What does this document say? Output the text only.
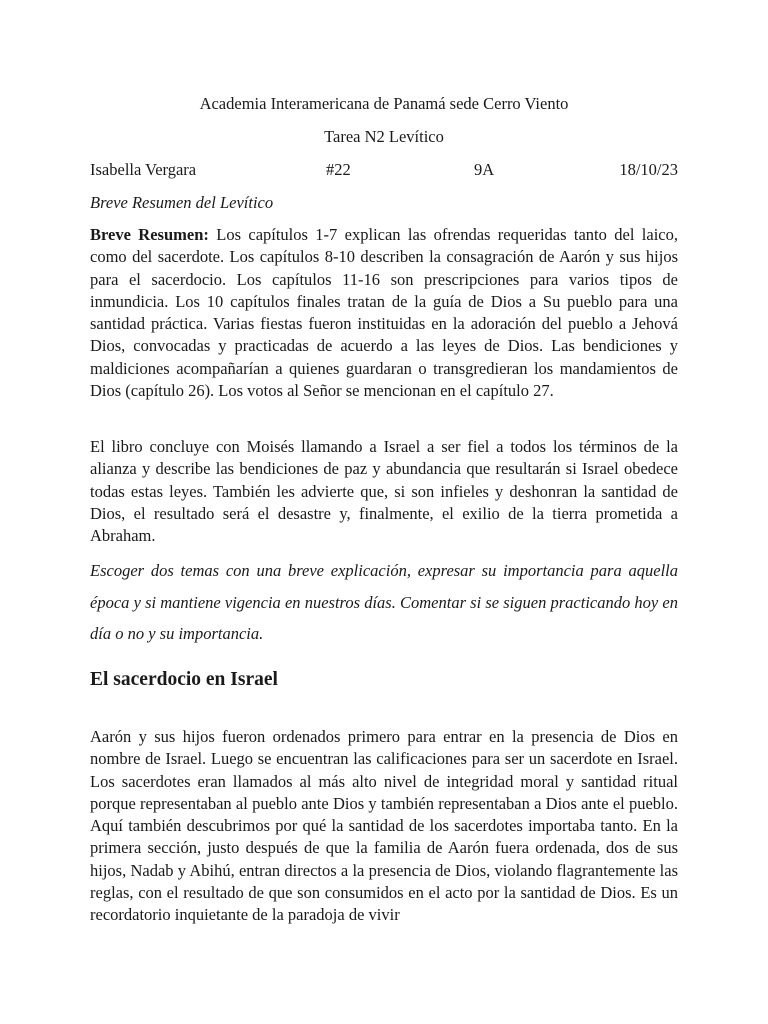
Academia Interamericana de Panamá sede Cerro Viento
Tarea N2 Levítico
Isabella Vergara	#22	9A	18/10/23
Breve Resumen del Levítico

Breve Resumen: Los capítulos 1-7 explican las ofrendas requeridas tanto del laico, como del sacerdote. Los capítulos 8-10 describen la consagración de Aarón y sus hijos para el sacerdocio. Los capítulos 11-16 son prescripciones para varios tipos de inmundicia. Los 10 capítulos finales tratan de la guía de Dios a Su pueblo para una santidad práctica. Varias fiestas fueron instituidas en la adoración del pueblo a Jehová Dios, convocadas y practicadas de acuerdo a las leyes de Dios. Las bendiciones y maldiciones acompañarían a quienes guardaran o transgredieran los mandamientos de Dios (capítulo 26). Los votos al Señor se mencionan en el capítulo 27.

El libro concluye con Moisés llamando a Israel a ser fiel a todos los términos de la alianza y describe las bendiciones de paz y abundancia que resultarán si Israel obedece todas estas leyes. También les advierte que, si son infieles y deshonran la santidad de Dios, el resultado será el desastre y, finalmente, el exilio de la tierra prometida a Abraham.

Escoger dos temas con una breve explicación, expresar su importancia para aquella época y si mantiene vigencia en nuestros días. Comentar si se siguen practicando hoy en día o no y su importancia.

El sacerdocio en Israel

Aarón y sus hijos fueron ordenados primero para entrar en la presencia de Dios en nombre de Israel. Luego se encuentran las calificaciones para ser un sacerdote en Israel. Los sacerdotes eran llamados al más alto nivel de integridad moral y santidad ritual porque representaban al pueblo ante Dios y también representaban a Dios ante el pueblo. Aquí también descubrimos por qué la santidad de los sacerdotes importaba tanto. En la primera sección, justo después de que la familia de Aarón fuera ordenada, dos de sus hijos, Nadab y Abihú, entran directos a la presencia de Dios, violando flagrantemente las reglas, con el resultado de que son consumidos en el acto por la santidad de Dios. Es un recordatorio inquietante de la paradoja de vivir
